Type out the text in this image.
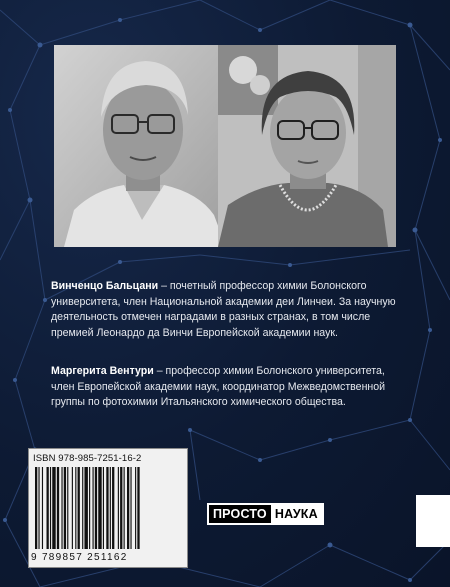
Винченцо Бальцани – почетный профессор химии Болонского университета, член Национальной академии деи Линчеи. За научную деятельность отмечен наградами в разных странах, в том числе премией Леонардо да Винчи Европейской академии наук.

Маргерита Вентури – профессор химии Болонского университета, член Европейской академии наук, координатор Межведомственной группы по фотохимии Итальянского химического общества.

ISBN 978-985-7251-16-2
9 789857 251162
ПРОСТО НАУКА
